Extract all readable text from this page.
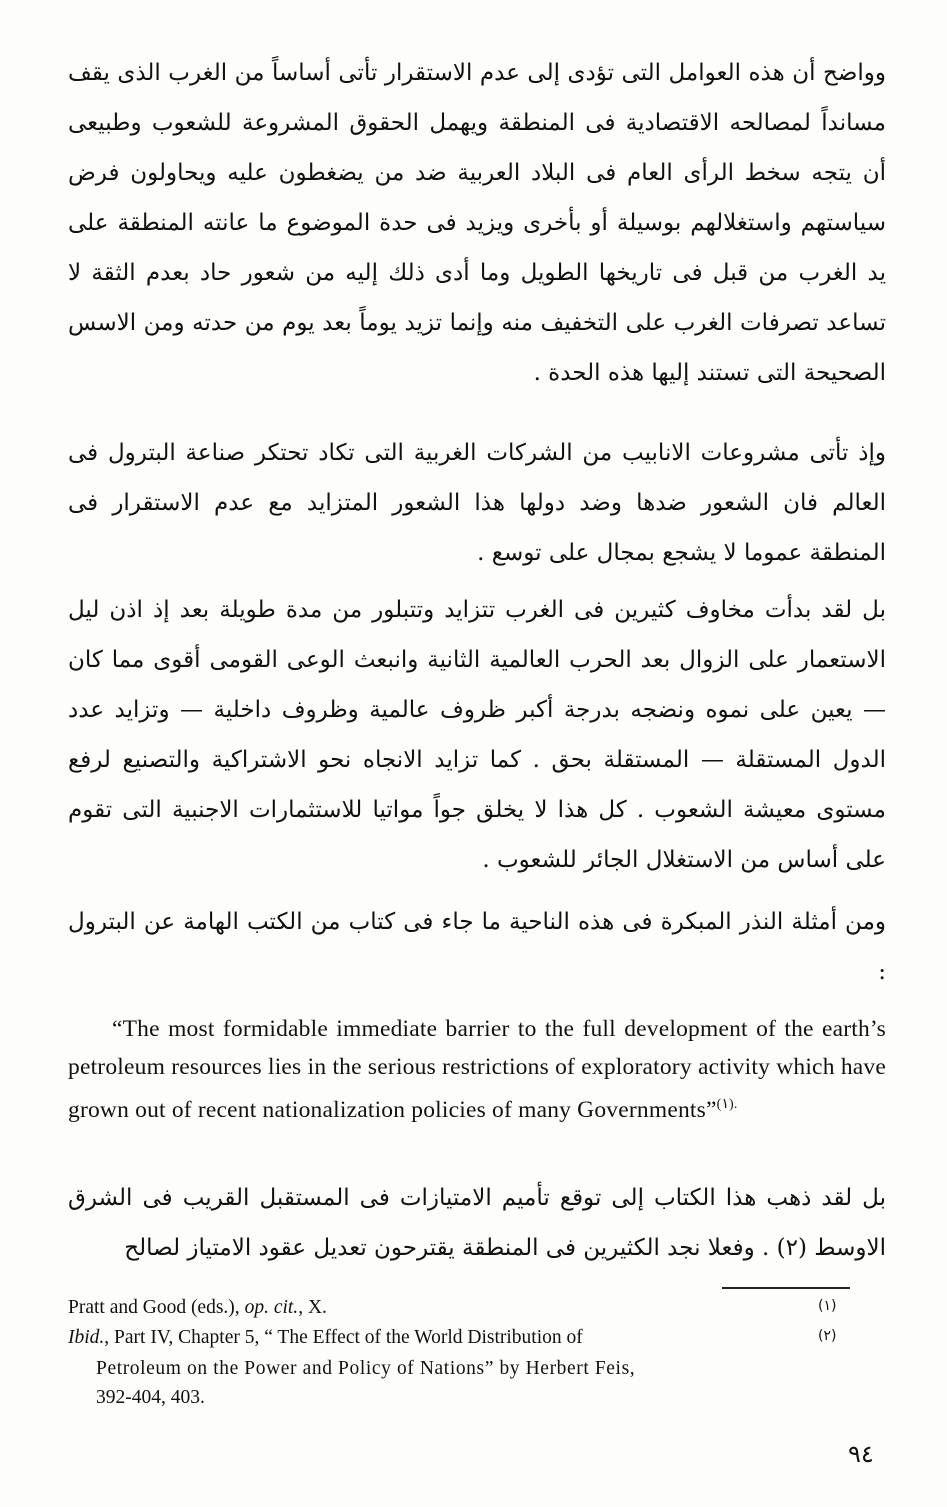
وواضح أن هذه العوامل التى تؤدى إلى عدم الاستقرار تأتى أساساً من الغرب الذى يقف مسانداً لمصالحه الاقتصادية فى المنطقة ويهمل الحقوق المشروعة للشعوب وطبيعى أن يتجه سخط الرأى العام فى البلاد العربية ضد من يضغطون عليه ويحاولون فرض سياستهم واستغلالهم بوسيلة أو بأخرى ويزيد فى حدة الموضوع ما عانته المنطقة على يد الغرب من قبل فى تاريخها الطويل وما أدى ذلك إليه من شعور حاد بعدم الثقة لا تساعد تصرفات الغرب على التخفيف منه وإنما تزيد يوماً بعد يوم من حدته ومن الاسس الصحيحة التى تستند إليها هذه الحدة .

وإذ تأتى مشروعات الانابيب من الشركات الغربية التى تكاد تحتكر صناعة البترول فى العالم فان الشعور ضدها وضد دولها هذا الشعور المتزايد مع عدم الاستقرار فى المنطقة عموما لا يشجع بمجال على توسع .

بل لقد بدأت مخاوف كثيرين فى الغرب تتزايد وتتبلور من مدة طويلة بعد إذ اذن ليل الاستعمار على الزوال بعد الحرب العالمية الثانية وانبعث الوعى القومى أقوى مما كان — يعين على نموه ونضجه بدرجة أكبر ظروف عالمية وظروف داخلية — وتزايد عدد الدول المستقلة — المستقلة بحق . كما تزايد الانجاه نحو الاشتراكية والتصنيع لرفع مستوى معيشة الشعوب . كل هذا لا يخلق جواً مواتيا للاستثمارات الاجنبية التى تقوم على أساس من الاستغلال الجائر للشعوب .

ومن أمثلة النذر المبكرة فى هذه الناحية ما جاء فى كتاب من الكتب الهامة عن البترول :

“The most formidable immediate barrier to the full development of the earth’s petroleum resources lies in the serious restrictions of exploratory activity which have grown out of recent nationalization policies of many Governments”$^{(١).}$

بل لقد ذهب هذا الكتاب إلى توقع تأميم الامتيازات فى المستقبل القريب فى الشرق الاوسط (٢) . وفعلا نجد الكثيرين فى المنطقة يقترحون تعديل عقود الامتياز لصالح

Pratt and Good (eds.), op. cit., X.	(١)
Ibid., Part IV, Chapter 5, “ The Effect of the World Distribution of	(٢)
Petroleum on the Power and Policy of Nations” by Herbert Feis,
392-404, 403.
٩٤
